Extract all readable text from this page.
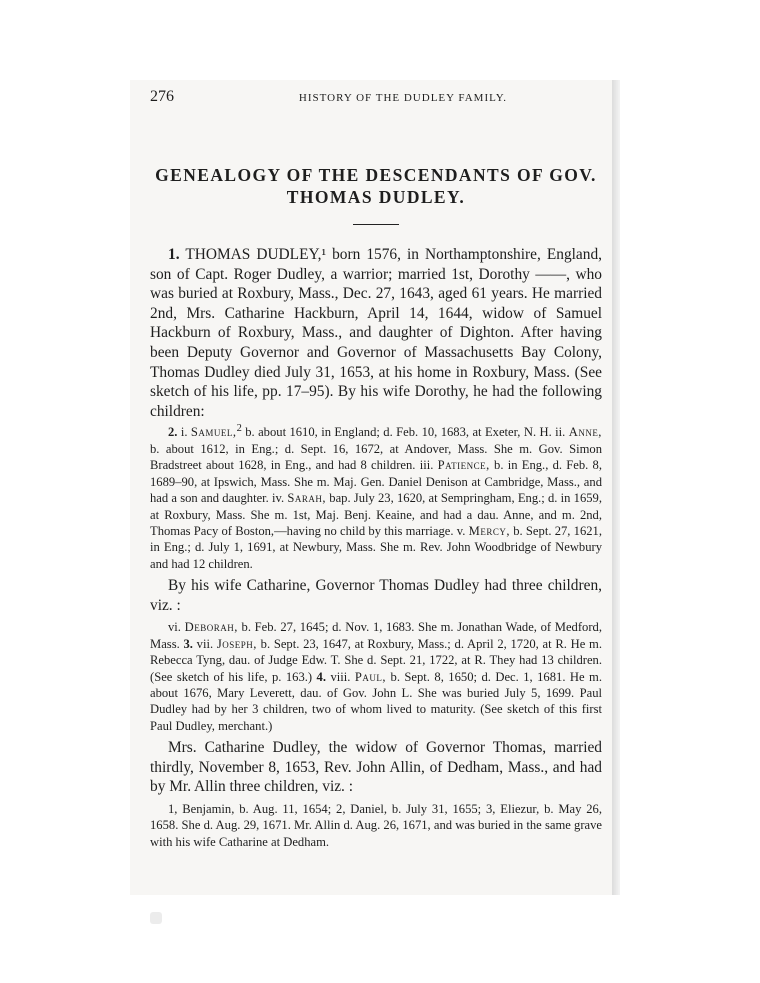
276	HISTORY OF THE DUDLEY FAMILY.
GENEALOGY OF THE DESCENDANTS OF GOV.
THOMAS DUDLEY.

1. THOMAS DUDLEY,¹ born 1576, in Northamptonshire, England, son of Capt. Roger Dudley, a warrior; married 1st, Dorothy ——, who was buried at Roxbury, Mass., Dec. 27, 1643, aged 61 years. He married 2nd, Mrs. Catharine Hackburn, April 14, 1644, widow of Samuel Hackburn of Roxbury, Mass., and daughter of Dighton. After having been Deputy Governor and Governor of Massachusetts Bay Colony, Thomas Dudley died July 31, 1653, at his home in Roxbury, Mass. (See sketch of his life, pp. 17–95). By his wife Dorothy, he had the following children:

2. i. Samuel,$^2$ b. about 1610, in England; d. Feb. 10, 1683, at Exeter, N. H. ii. Anne, b. about 1612, in Eng.; d. Sept. 16, 1672, at Andover, Mass. She m. Gov. Simon Bradstreet about 1628, in Eng., and had 8 children. iii. Patience, b. in Eng., d. Feb. 8, 1689–90, at Ipswich, Mass. She m. Maj. Gen. Daniel Denison at Cambridge, Mass., and had a son and daughter. iv. Sarah, bap. July 23, 1620, at Sempringham, Eng.; d. in 1659, at Roxbury, Mass. She m. 1st, Maj. Benj. Keaine, and had a dau. Anne, and m. 2nd, Thomas Pacy of Boston,—having no child by this marriage. v. Mercy, b. Sept. 27, 1621, in Eng.; d. July 1, 1691, at Newbury, Mass. She m. Rev. John Woodbridge of Newbury and had 12 children.

By his wife Catharine, Governor Thomas Dudley had three children, viz. :

vi. Deborah, b. Feb. 27, 1645; d. Nov. 1, 1683. She m. Jonathan Wade, of Medford, Mass. 3. vii. Joseph, b. Sept. 23, 1647, at Roxbury, Mass.; d. April 2, 1720, at R. He m. Rebecca Tyng, dau. of Judge Edw. T. She d. Sept. 21, 1722, at R. They had 13 children. (See sketch of his life, p. 163.) 4. viii. Paul, b. Sept. 8, 1650; d. Dec. 1, 1681. He m. about 1676, Mary Leverett, dau. of Gov. John L. She was buried July 5, 1699. Paul Dudley had by her 3 children, two of whom lived to maturity. (See sketch of this first Paul Dudley, merchant.)

Mrs. Catharine Dudley, the widow of Governor Thomas, married thirdly, November 8, 1653, Rev. John Allin, of Dedham, Mass., and had by Mr. Allin three children, viz. :

1, Benjamin, b. Aug. 11, 1654; 2, Daniel, b. July 31, 1655; 3, Eliezur, b. May 26, 1658. She d. Aug. 29, 1671. Mr. Allin d. Aug. 26, 1671, and was buried in the same grave with his wife Catharine at Dedham.
